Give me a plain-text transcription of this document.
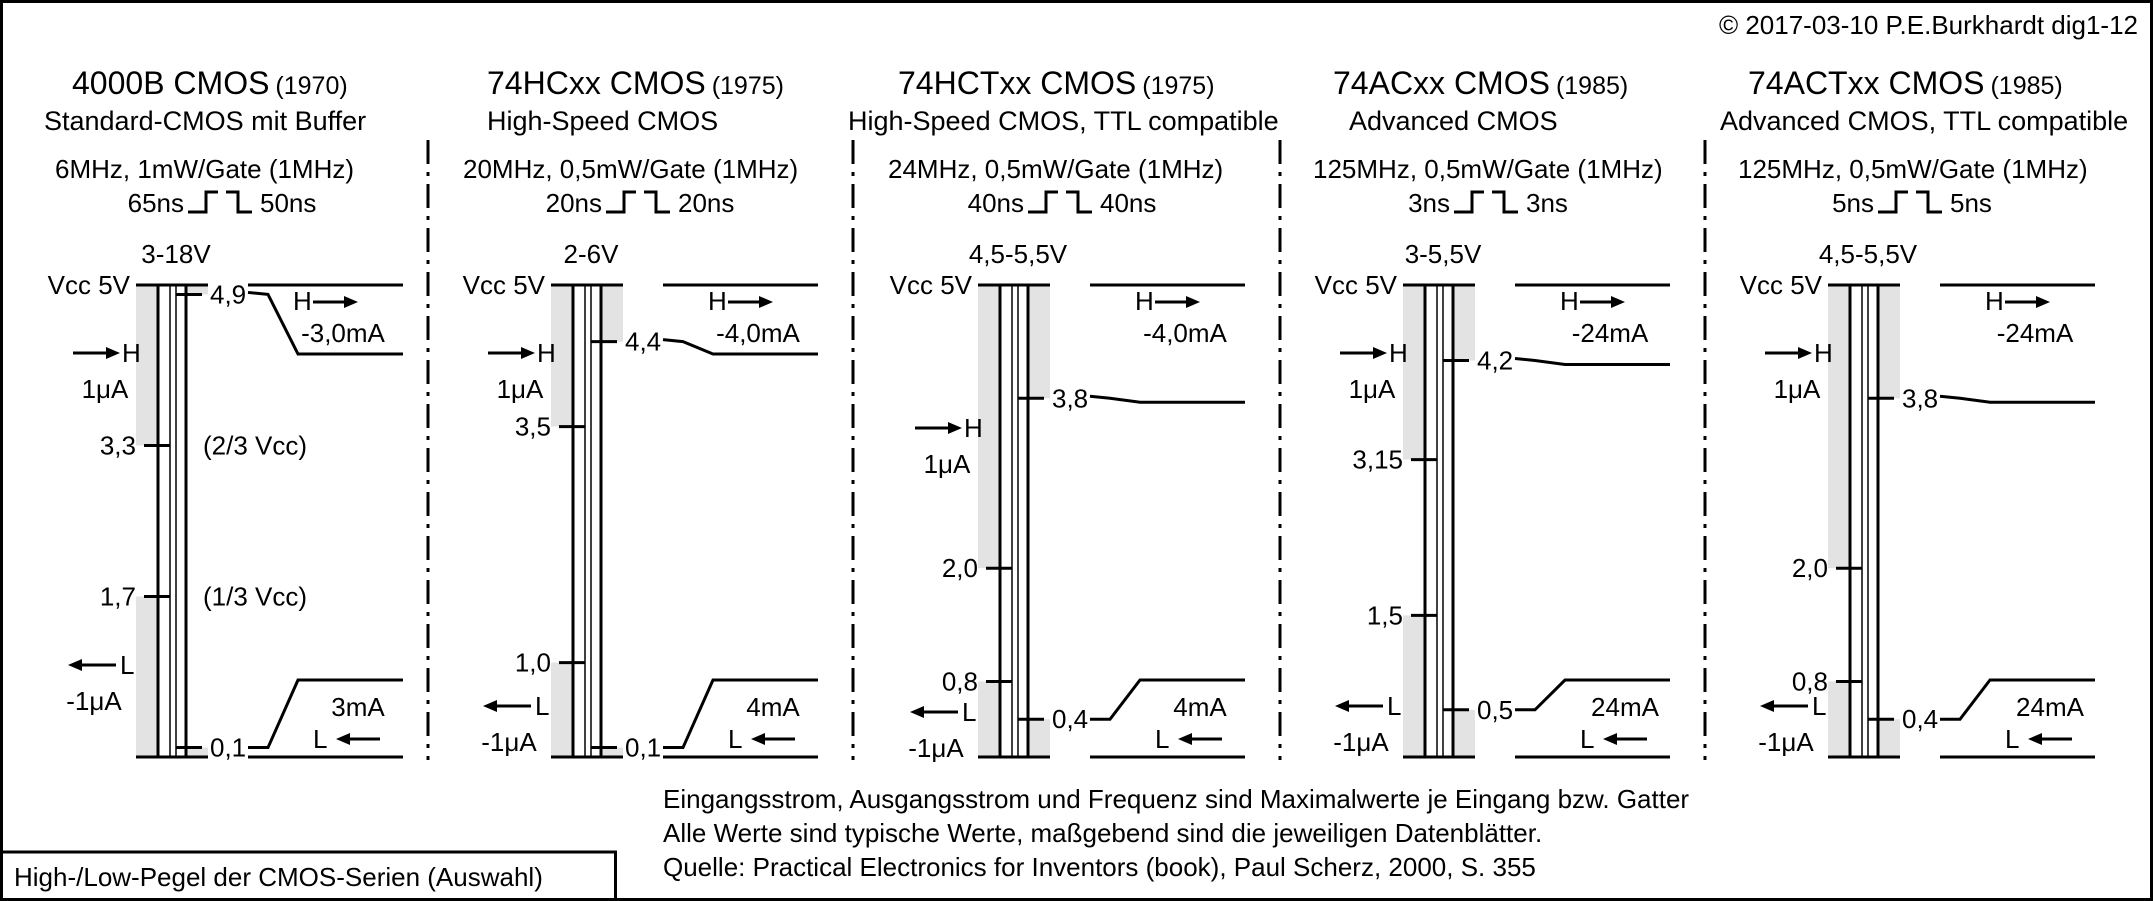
High-/Low-Pegel der CMOS-Serien (Auswahl)
© 2017-03-10 P.E.Burkhardt dig1-12
Eingangsstrom, Ausgangsstrom und Frequenz sind Maximalwerte je Eingang bzw. Gatter
Alle Werte sind typische Werte, maßgebend sind die jeweiligen Datenblätter.
Quelle: Practical Electronics for Inventors (book), Paul Scherz, 2000, S. 355
4000B CMOS (1970)
Standard-CMOS mit Buffer
6MHz, 1mW/Gate (1MHz)
65ns	50ns
3-18V
Vcc 5V	4,9
3,3	(2/3 Vcc)
1,7	(1/3 Vcc)
0,1
H
1μA
L
-1μA
H
-3,0mA
3mA
L
74HCxx CMOS (1975)
High-Speed CMOS
20MHz, 0,5mW/Gate (1MHz)
20ns	20ns
2-6V
Vcc 5V
4,4
3,5
1,0
0,1
H
1μA
L
-1μA
H
-4,0mA
4mA
L
74HCTxx CMOS (1975)
High-Speed CMOS, TTL compatible
24MHz, 0,5mW/Gate (1MHz)
40ns	40ns
4,5-5,5V
Vcc 5V
3,8
2,0
0,8
0,4
H
1μA
L
-1μA
H
-4,0mA
4mA
L
74ACxx CMOS (1985)
Advanced CMOS
125MHz, 0,5mW/Gate (1MHz)
3ns	3ns
3-5,5V
Vcc 5V
4,2
3,15
1,5
0,5
H
1μA
L
-1μA
H
-24mA
24mA
L
74ACTxx CMOS (1985)
Advanced CMOS, TTL compatible
125MHz, 0,5mW/Gate (1MHz)
5ns	5ns
4,5-5,5V
Vcc 5V
3,8
2,0
0,8
0,4
H
1μA
L
-1μA
H
-24mA
24mA
L
